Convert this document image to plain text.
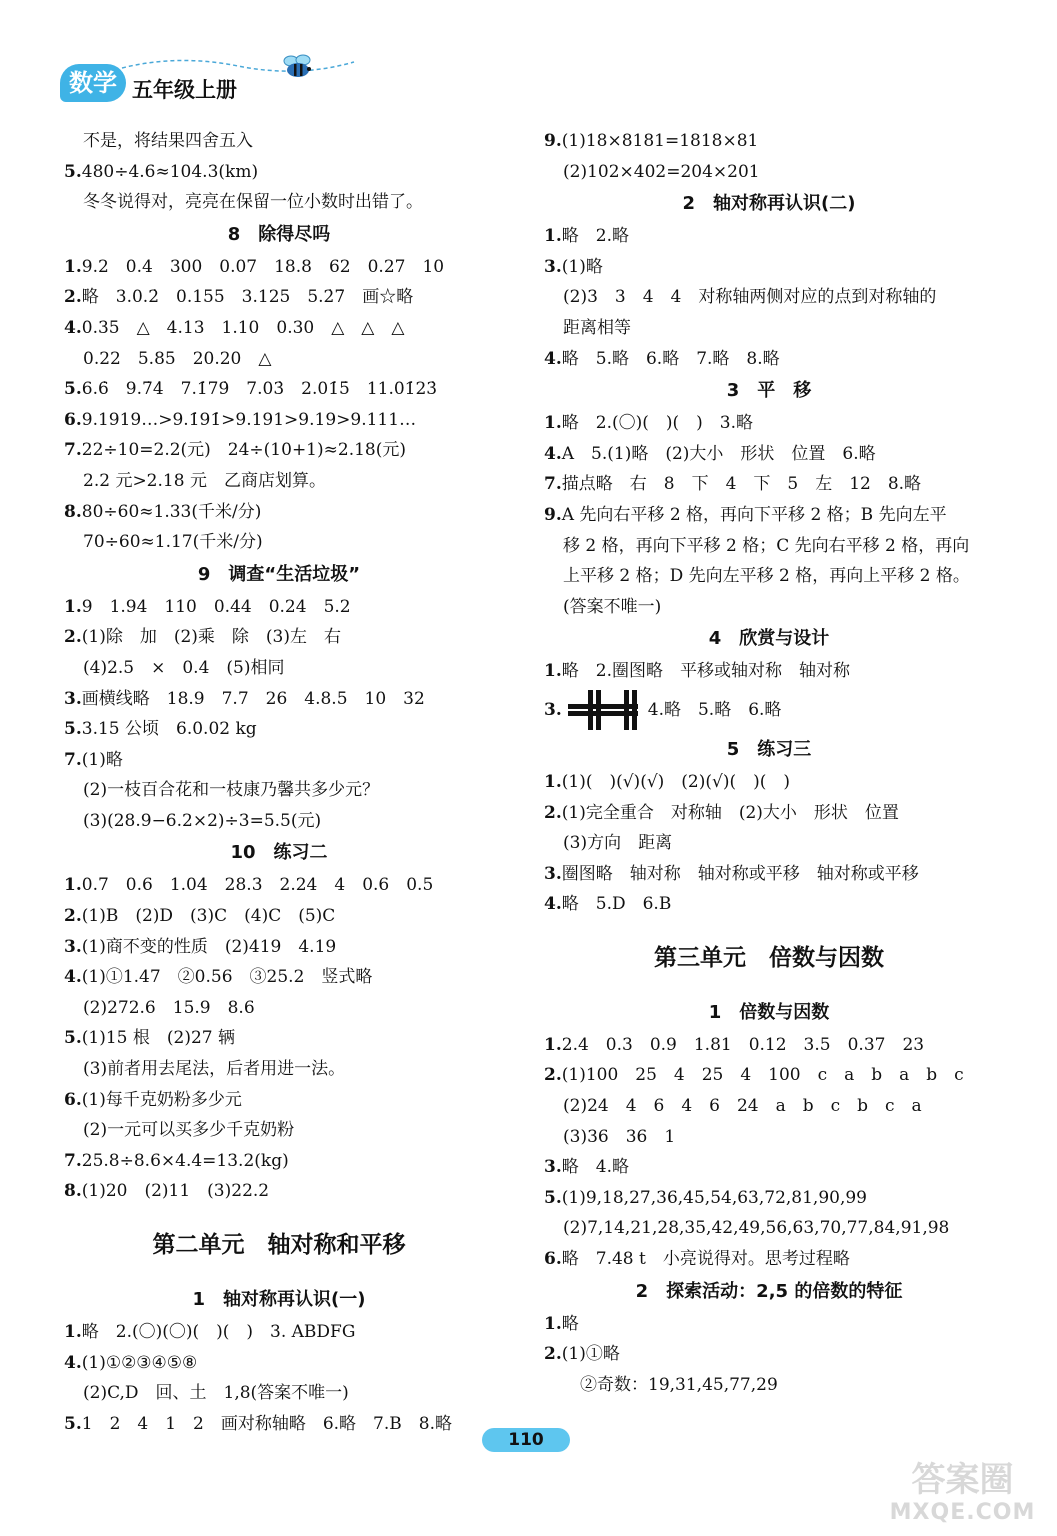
数学 五年级上册
不是，将结果四舍五入
5.480÷4.6≈104.3(km)
冬冬说得对，亮亮在保留一位小数时出错了。
8　除得尽吗
1.9.2　0.4　300　0.07　18.8　62　0.27　10
2.略　3.0.2̇　0.155　3.125　5.2̇7̇　画☆略
4.0.35　△　4.13　1.10　0.30　△　△　△
0.22　5.85　20.20　△
5.6.6̇　9.7̇4̇　7.1̇79̇　7.03̇　2.01̇5̇　11.01̇23̇
6.9.1919…>9.1̇91̇>9.191>9.19>9.111…
7.22÷10=2.2(元)　24÷(10+1)≈2.18(元)
2.2 元>2.18 元　乙商店划算。
8.80÷60≈1.33(千米/分)
70÷60≈1.17(千米/分)
9　调查“生活垃圾”
1.9　1.94　110　0.44　0.24　5.2
2.(1)除　加　(2)乘　除　(3)左　右
(4)2.5　×　0.4　(5)相同
3.画横线略　18.9　7.7　26　4.8.5　10　32
5.3.15 公顷　6.0.02 kg
7.(1)略
(2)一枝百合花和一枝康乃馨共多少元？
(3)(28.9−6.2×2)÷3=5.5(元)
10　练习二
1.0.7　0.6　1.04　28.3　2.24　4　0.6　0.5
2.(1)B　(2)D　(3)C　(4)C　(5)C
3.(1)商不变的性质　(2)419　4.19
4.(1)①1.47　②0.56　③25.2　竖式略
(2)272.6　15.9　8.6
5.(1)15 根　(2)27 辆
(3)前者用去尾法，后者用进一法。
6.(1)每千克奶粉多少元
(2)一元可以买多少千克奶粉
7.25.8÷8.6×4.4=13.2(kg)
8.(1)20　(2)11　(3)22.2
第二单元　轴对称和平移
1　轴对称再认识(一)
1.略　2.(〇)(〇)(　)(　)　3. ABDFG
4.(1)①②③④⑤⑧
(2)C,D　回、土　1,8(答案不唯一)
5.1　2　4　1　2　画对称轴略　6.略　7.B　8.略
9.(1)18×8181=1818×81
(2)102×402=204×201
2　轴对称再认识(二)
1.略　2.略
3.(1)略
(2)3　3　4　4　对称轴两侧对应的点到对称轴的
距离相等
4.略　5.略　6.略　7.略　8.略
3　平　移
1.略　2.(〇)(　)(　)　3.略
4.A　5.(1)略　(2)大小　形状　位置　6.略
7.描点略　右　8　下　4　下　5　左　12　8.略
9.A 先向右平移 2 格，再向下平移 2 格；B 先向左平
移 2 格，再向下平移 2 格；C 先向右平移 2 格，再向
上平移 2 格；D 先向左平移 2 格，再向上平移 2 格。
(答案不唯一)
4　欣赏与设计
1.略　2.圈图略　平移或轴对称　轴对称
3.	4.略　5.略　6.略
5　练习三
1.(1)(　)(√)(√)　(2)(√)(　)(　)
2.(1)完全重合　对称轴　(2)大小　形状　位置
(3)方向　距离
3.圈图略　轴对称　轴对称或平移　轴对称或平移
4.略　5.D　6.B
第三单元　倍数与因数
1　倍数与因数
1.2.4　0.3　0.9　1.81　0.12　3.5　0.37　23
2.(1)100　25　4　25　4　100　c　a　b　a　b　c
(2)24　4　6　4　6　24　a　b　c　b　c　a
(3)36　36　1
3.略　4.略
5.(1)9,18,27,36,45,54,63,72,81,90,99
(2)7,14,21,28,35,42,49,56,63,70,77,84,91,98
6.略　7.48 t　小亮说得对。思考过程略
2　探索活动：2,5 的倍数的特征
1.略
2.(1)①略
　②奇数：19,31,45,77,29
110
答案圈
MXQE.COM
